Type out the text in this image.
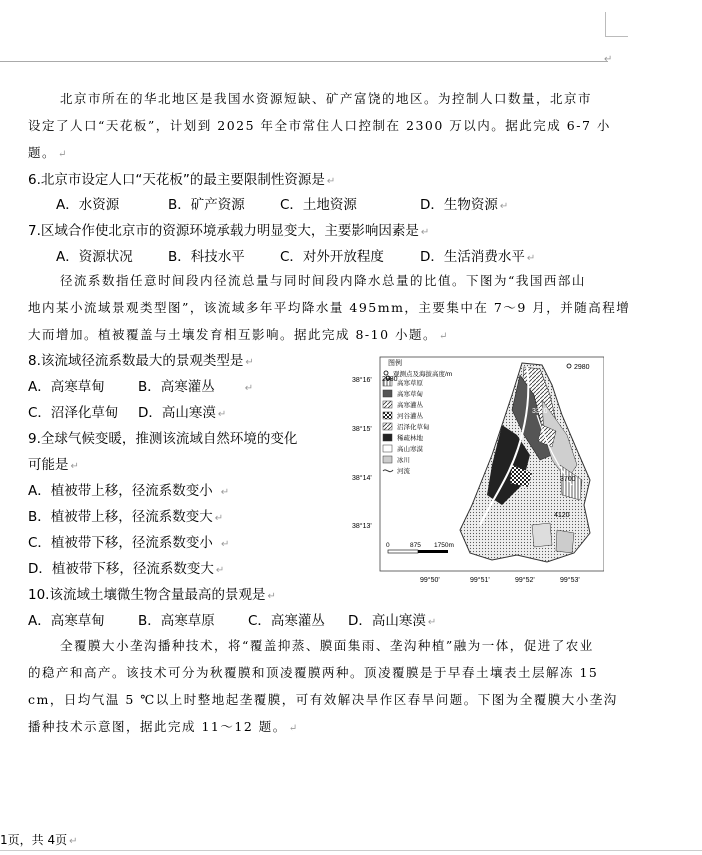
↵
北京市所在的华北地区是我国水资源短缺、矿产富饶的地区。为控制人口数量，北京市
设定了人口“天花板”，计划到 2025 年全市常住人口控制在 2300 万以内。据此完成 6-7 小
题。 ↵
6.北京市设定人口“天花板”的最主要限制性资源是 ↵
A．水资源	B．矿产资源	C．土地资源	D．生物资源 ↵
7.区域合作使北京市的资源环境承载力明显变大，主要影响因素是 ↵
A．资源状况	B．科技水平	C．对外开放程度	D．生活消费水平 ↵
径流系数指任意时间段内径流总量与同时间段内降水总量的比值。下图为“我国西部山
地内某小流域景观类型图”，该流域多年平均降水量 495mm，主要集中在 7～9 月，并随高程增
大而增加。植被覆盖与土壤发育相互影响。据此完成 8-10 小题。 ↵
8.该流域径流系数最大的景观类型是 ↵
A．高寒草甸 B．高寒灌丛	↵
C．沼泽化草甸 D．高山寒漠 ↵
9.全球气候变暖，推测该流域自然环境的变化
可能是 ↵
A．植被带上移，径流系数变小 ↵
B．植被带上移，径流系数变大 ↵
C．植被带下移，径流系数变小 ↵
D．植被带下移，径流系数变大 ↵
10.该流域土壤微生物含量最高的景观是 ↵
A．高寒草甸 B．高寒草原 C．高寒灌丛 D．高山寒漠 ↵
全覆膜大小垄沟播种技术，将“覆盖抑蒸、膜面集雨、垄沟种植”融为一体，促进了农业
的稳产和高产。该技术可分为秋覆膜和顶凌覆膜两种。顶凌覆膜是于早春土壤表土层解冻 15
cm，日均气温 5 ℃以上时整地起垄覆膜，可有效解决旱作区春旱问题。下图为全覆膜大小垄沟
播种技术示意图，据此完成 11～12 题。 ↵
图例
观测点及海拔高度/m
高寒草原
高寒草甸
高寒灌丛
河谷灌丛
沼泽化草甸
稀疏林地
高山寒漠
冰川
河流
2980
2980
3320
3700
4120
38°16'
38°15'
38°14'
38°13'
0	875 1750m
99°50'	99°51'	99°52'	99°53'
1页，共 4页 ↵
